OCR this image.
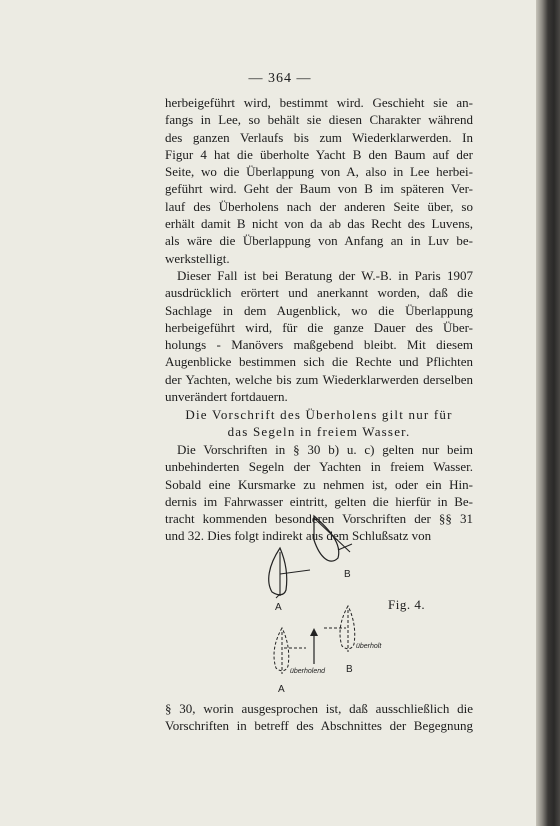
— 364 —
herbeigeführt wird, bestimmt wird. Geschieht sie an-
fangs in Lee, so behält sie diesen Charakter während
des ganzen Verlaufs bis zum Wiederklarwerden. In
Figur 4 hat die überholte Yacht B den Baum auf der
Seite, wo die Überlappung von A, also in Lee herbei-
geführt wird. Geht der Baum von B im späteren Ver-
lauf des Überholens nach der anderen Seite über, so
erhält damit B nicht von da ab das Recht des Luvens,
als wäre die Überlappung von Anfang an in Luv be-
werkstelligt.
Dieser Fall ist bei Beratung der W.-B. in Paris 1907
ausdrücklich erörtert und anerkannt worden, daß die
Sachlage in dem Augenblick, wo die Überlappung
herbeigeführt wird, für die ganze Dauer des Über-
holungs - Manövers maßgebend bleibt. Mit diesem
Augenblicke bestimmen sich die Rechte und Pflichten
der Yachten, welche bis zum Wiederklarwerden derselben
unverändert fortdauern.
Die Vorschrift des Überholens gilt nur für
das Segeln in freiem Wasser.
Die Vorschriften in § 30 b) u. c) gelten nur beim
unbehinderten Segeln der Yachten in freiem Wasser.
Sobald eine Kursmarke zu nehmen ist, oder ein Hin-
dernis im Fahrwasser eintritt, gelten die hierfür in Be-
tracht kommenden besonderen Vorschriften der §§ 31
und 32. Dies folgt indirekt aus dem Schlußsatz von
B
A
überholend
überholt
B
A
Fig. 4.
§ 30, worin ausgesprochen ist, daß ausschließlich die
Vorschriften in betreff des Abschnittes der Begegnung
